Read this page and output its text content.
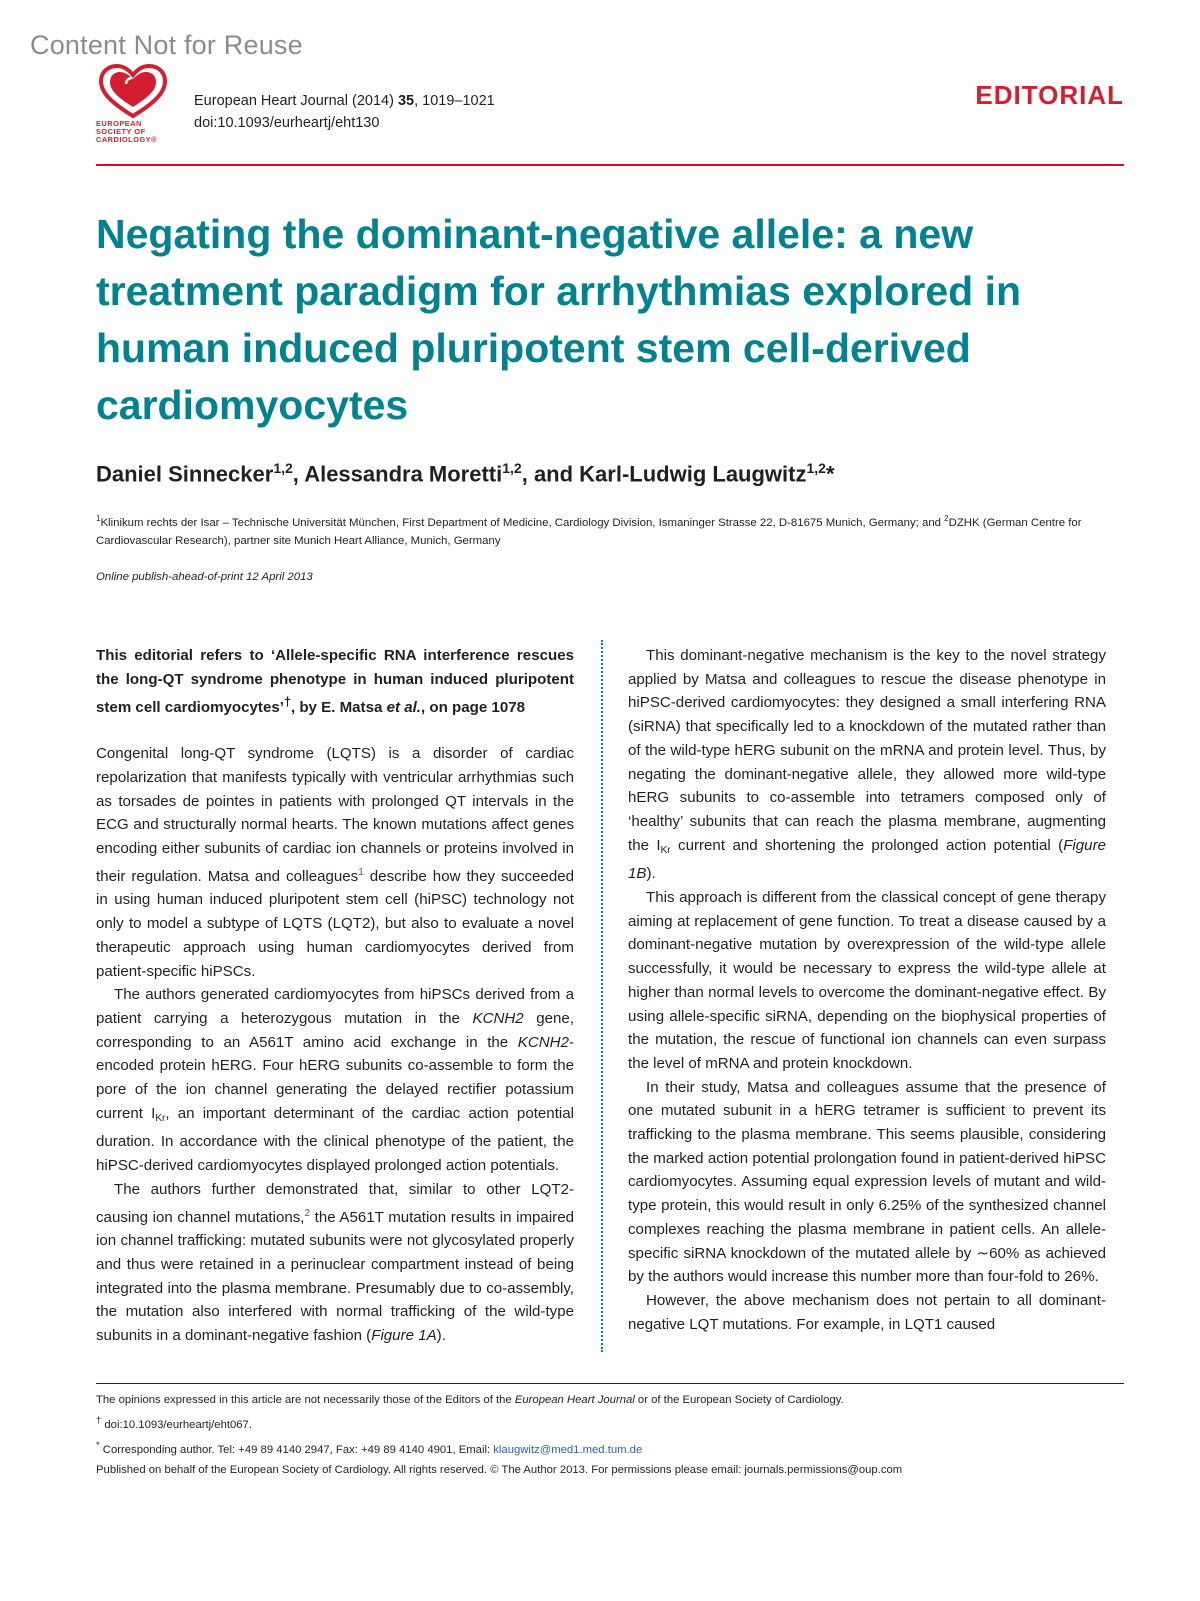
Content Not for Reuse
EUROPEAN
SOCIETY OF
CARDIOLOGY®
European Heart Journal (2014) 35, 1019–1021
doi:10.1093/eurheartj/eht130
EDITORIAL
Negating the dominant-negative allele: a new treatment paradigm for arrhythmias explored in human induced pluripotent stem cell-derived cardiomyocytes
Daniel Sinnecker$^{1,2}$, Alessandra Moretti$^{1,2}$, and Karl-Ludwig Laugwitz$^{1,2}$*
$^1$Klinikum rechts der Isar – Technische Universität München, First Department of Medicine, Cardiology Division, Ismaninger Strasse 22, D-81675 Munich, Germany; and $^2$DZHK (German Centre for Cardiovascular Research), partner site Munich Heart Alliance, Munich, Germany
Online publish-ahead-of-print 12 April 2013

This editorial refers to ‘Allele-specific RNA interference rescues the long-QT syndrome phenotype in human induced pluripotent stem cell cardiomyocytes’†, by E. Matsa et al., on page 1078

Congenital long-QT syndrome (LQTS) is a disorder of cardiac repolarization that manifests typically with ventricular arrhythmias such as torsades de pointes in patients with prolonged QT intervals in the ECG and structurally normal hearts. The known mutations affect genes encoding either subunits of cardiac ion channels or proteins involved in their regulation. Matsa and colleagues$^1$ describe how they succeeded in using human induced pluripotent stem cell (hiPSC) technology not only to model a subtype of LQTS (LQT2), but also to evaluate a novel therapeutic approach using human cardiomyocytes derived from patient-specific hiPSCs.

The authors generated cardiomyocytes from hiPSCs derived from a patient carrying a heterozygous mutation in the KCNH2 gene, corresponding to an A561T amino acid exchange in the KCNH2-encoded protein hERG. Four hERG subunits co-assemble to form the pore of the ion channel generating the delayed rectifier potassium current $I_{Kr}$, an important determinant of the cardiac action potential duration. In accordance with the clinical phenotype of the patient, the hiPSC-derived cardiomyocytes displayed prolonged action potentials.

The authors further demonstrated that, similar to other LQT2-causing ion channel mutations,$^2$ the A561T mutation results in impaired ion channel trafficking: mutated subunits were not glycosylated properly and thus were retained in a perinuclear compartment instead of being integrated into the plasma membrane. Presumably due to co-assembly, the mutation also interfered with normal trafficking of the wild-type subunits in a dominant-negative fashion (Figure 1A).

This dominant-negative mechanism is the key to the novel strategy applied by Matsa and colleagues to rescue the disease phenotype in hiPSC-derived cardiomyocytes: they designed a small interfering RNA (siRNA) that specifically led to a knockdown of the mutated rather than of the wild-type hERG subunit on the mRNA and protein level. Thus, by negating the dominant-negative allele, they allowed more wild-type hERG subunits to co-assemble into tetramers composed only of ‘healthy’ subunits that can reach the plasma membrane, augmenting the $I_{Kr}$ current and shortening the prolonged action potential (Figure 1B).

This approach is different from the classical concept of gene therapy aiming at replacement of gene function. To treat a disease caused by a dominant-negative mutation by overexpression of the wild-type allele successfully, it would be necessary to express the wild-type allele at higher than normal levels to overcome the dominant-negative effect. By using allele-specific siRNA, depending on the biophysical properties of the mutation, the rescue of functional ion channels can even surpass the level of mRNA and protein knockdown.

In their study, Matsa and colleagues assume that the presence of one mutated subunit in a hERG tetramer is sufficient to prevent its trafficking to the plasma membrane. This seems plausible, considering the marked action potential prolongation found in patient-derived hiPSC cardiomyocytes. Assuming equal expression levels of mutant and wild-type protein, this would result in only 6.25% of the synthesized channel complexes reaching the plasma membrane in patient cells. An allele-specific siRNA knockdown of the mutated allele by ∼60% as achieved by the authors would increase this number more than four-fold to 26%.

However, the above mechanism does not pertain to all dominant-negative LQT mutations. For example, in LQT1 caused

The opinions expressed in this article are not necessarily those of the Editors of the European Heart Journal or of the European Society of Cardiology.
† doi:10.1093/eurheartj/eht067.
* Corresponding author. Tel: +49 89 4140 2947, Fax: +49 89 4140 4901, Email: klaugwitz@med1.med.tum.de
Published on behalf of the European Society of Cardiology. All rights reserved. © The Author 2013. For permissions please email: journals.permissions@oup.com
